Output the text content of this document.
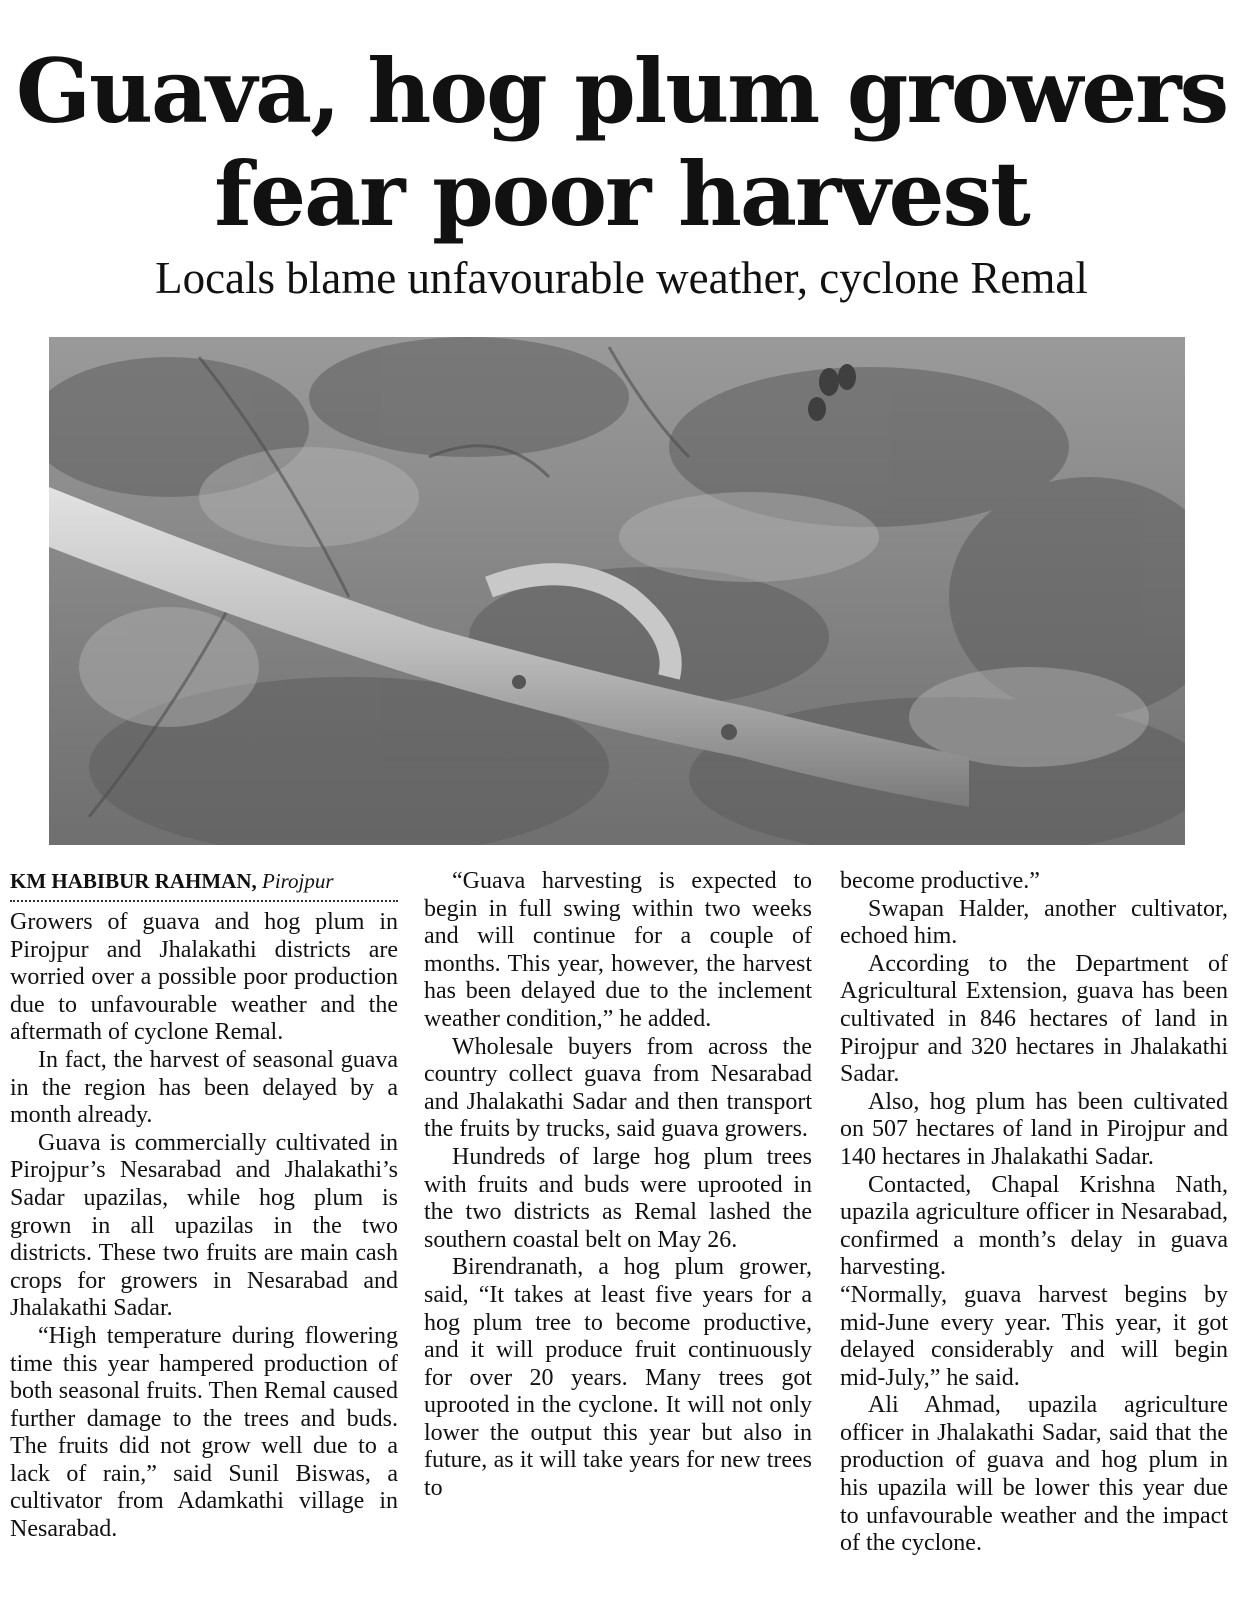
Guava, hog plum growers fear poor harvest
Locals blame unfavourable weather, cyclone Remal
KM HABIBUR RAHMAN, Pirojpur

Growers of guava and hog plum in Pirojpur and Jhalakathi districts are worried over a possible poor production due to unfavourable weather and the aftermath of cyclone Remal.

In fact, the harvest of seasonal guava in the region has been delayed by a month already.

Guava is commercially cultivated in Pirojpur’s Nesarabad and Jhalakathi’s Sadar upazilas, while hog plum is grown in all upazilas in the two districts. These two fruits are main cash crops for growers in Nesarabad and Jhalakathi Sadar.

“High temperature during flowering time this year hampered production of both seasonal fruits. Then Remal caused further damage to the trees and buds. The fruits did not grow well due to a lack of rain,” said Sunil Biswas, a cultivator from Adamkathi village in Nesarabad.

“Guava harvesting is expected to begin in full swing within two weeks and will continue for a couple of months. This year, however, the harvest has been delayed due to the inclement weather condition,” he added.

Wholesale buyers from across the country collect guava from Nesarabad and Jhalakathi Sadar and then transport the fruits by trucks, said guava growers.

Hundreds of large hog plum trees with fruits and buds were uprooted in the two districts as Remal lashed the southern coastal belt on May 26.

Birendranath, a hog plum grower, said, “It takes at least five years for a hog plum tree to become productive, and it will produce fruit continuously for over 20 years. Many trees got uprooted in the cyclone. It will not only lower the output this year but also in future, as it will take years for new trees to

become productive.”

Swapan Halder, another cultivator, echoed him.

According to the Department of Agricultural Extension, guava has been cultivated in 846 hectares of land in Pirojpur and 320 hectares in Jhalakathi Sadar.

Also, hog plum has been cultivated on 507 hectares of land in Pirojpur and 140 hectares in Jhalakathi Sadar.

Contacted, Chapal Krishna Nath, upazila agriculture officer in Nesarabad, confirmed a month’s delay in guava harvesting.

“Normally, guava harvest begins by mid-June every year. This year, it got delayed considerably and will begin mid-July,” he said.

Ali Ahmad, upazila agriculture officer in Jhalakathi Sadar, said that the production of guava and hog plum in his upazila will be lower this year due to unfavourable weather and the impact of the cyclone.
